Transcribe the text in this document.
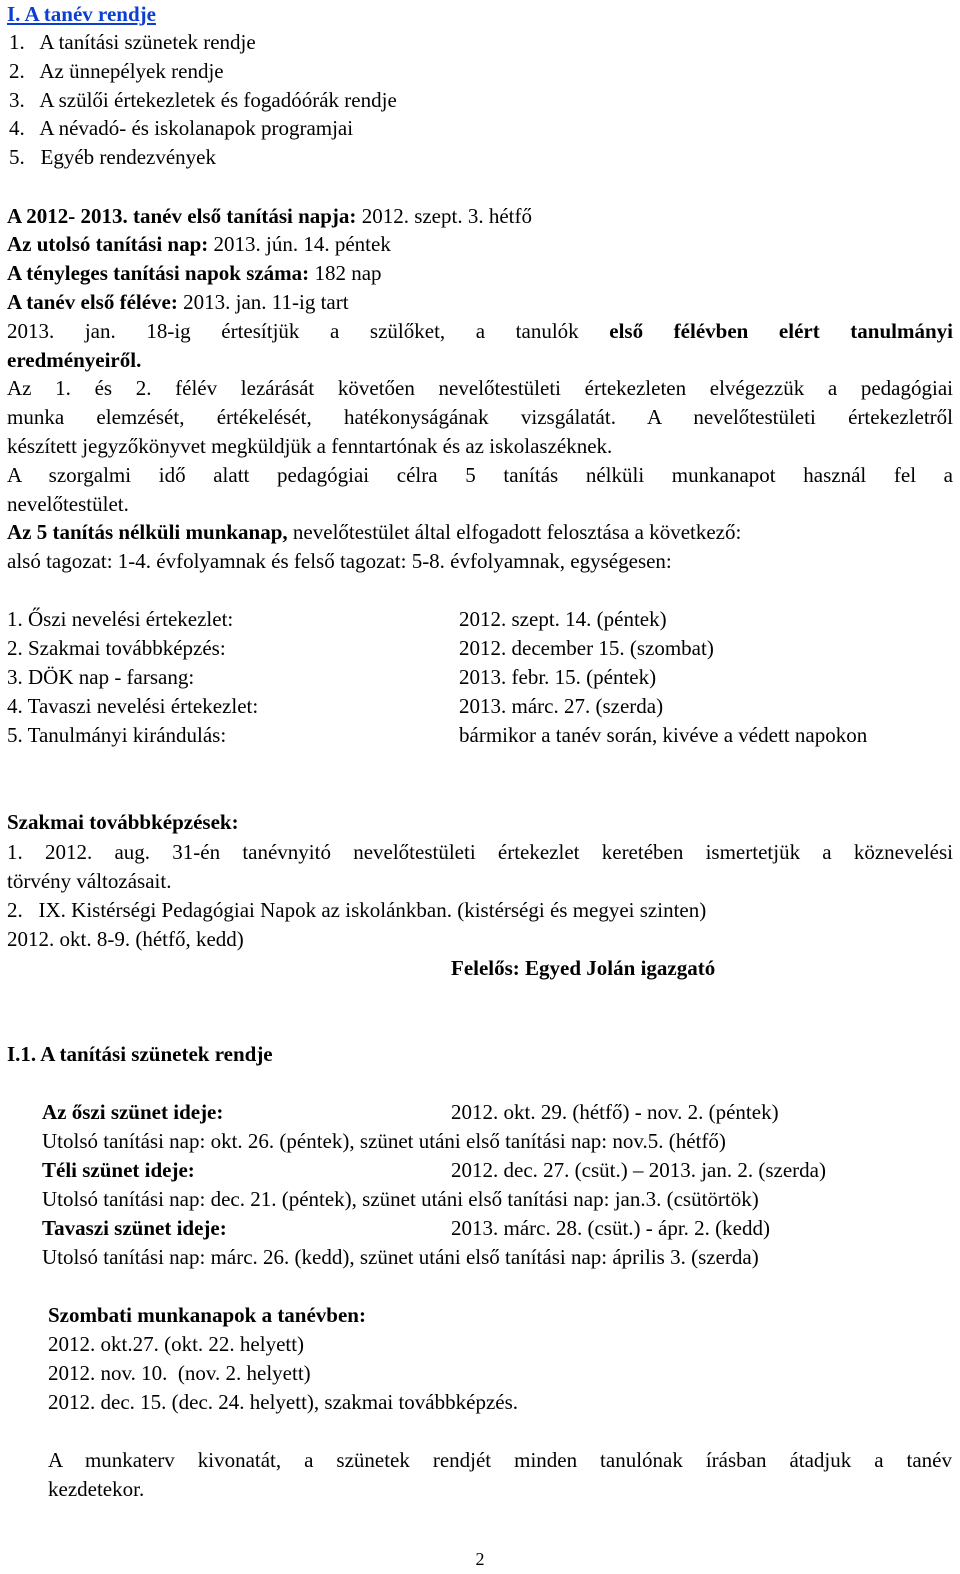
I. A tanév rendje

1.   A tanítási szünetek rendje

2.   Az ünnepélyek rendje

3.   A szülői értekezletek és fogadóórák rendje

4.   A névadó- és iskolanapok programjai

5.   Egyéb rendezvények

A 2012- 2013. tanév első tanítási napja: 2012. szept. 3. hétfő

Az utolsó tanítási nap: 2013. jún. 14. péntek

A tényleges tanítási napok száma: 182 nap

A tanév első féléve: 2013. jan. 11-ig tart

2013. jan. 18-ig értesítjük a szülőket, a tanulók első félévben elért tanulmányi

eredményeiről.

Az 1. és 2. félév lezárását követően nevelőtestületi értekezleten elvégezzük a pedagógiai

munka elemzését, értékelését, hatékonyságának vizsgálatát. A nevelőtestületi értekezletről

készített jegyzőkönyvet megküldjük a fenntartónak és az iskolaszéknek.

A szorgalmi idő alatt pedagógiai célra 5 tanítás nélküli munkanapot használ fel a

nevelőtestület.

Az 5 tanítás nélküli munkanap, nevelőtestület által elfogadott felosztása a következő:

alsó tagozat: 1-4. évfolyamnak és felső tagozat: 5-8. évfolyamnak, egységesen:

1. Őszi nevelési értekezlet:	2012. szept. 14. (péntek)

2. Szakmai továbbképzés:	2012. december 15. (szombat)

3. DÖK nap - farsang:	2013. febr. 15. (péntek)

4. Tavaszi nevelési értekezlet:	2013. márc. 27. (szerda)

5. Tanulmányi kirándulás:	bármikor a tanév során, kivéve a védett napokon

Szakmai továbbképzések:

1. 2012. aug. 31-én tanévnyitó nevelőtestületi értekezlet keretében ismertetjük a köznevelési

törvény változásait.

2.   IX. Kistérségi Pedagógiai Napok az iskolánkban. (kistérségi és megyei szinten)

2012. okt. 8-9. (hétfő, kedd)

Felelős: Egyed Jolán igazgató

I.1. A tanítási szünetek rendje

Az őszi szünet ideje:	2012. okt. 29. (hétfő) - nov. 2. (péntek)

Utolsó tanítási nap: okt. 26. (péntek), szünet utáni első tanítási nap: nov.5. (hétfő)

Téli szünet ideje:	2012. dec. 27. (csüt.) – 2013. jan. 2. (szerda)

Utolsó tanítási nap: dec. 21. (péntek), szünet utáni első tanítási nap: jan.3. (csütörtök)

Tavaszi szünet ideje:	2013. márc. 28. (csüt.) - ápr. 2. (kedd)

Utolsó tanítási nap: márc. 26. (kedd), szünet utáni első tanítási nap: április 3. (szerda)

Szombati munkanapok a tanévben:

2012. okt.27. (okt. 22. helyett)

2012. nov. 10.  (nov. 2. helyett)

2012. dec. 15. (dec. 24. helyett), szakmai továbbképzés.

A munkaterv kivonatát, a szünetek rendjét minden tanulónak írásban átadjuk a tanév

kezdetekor.

2
